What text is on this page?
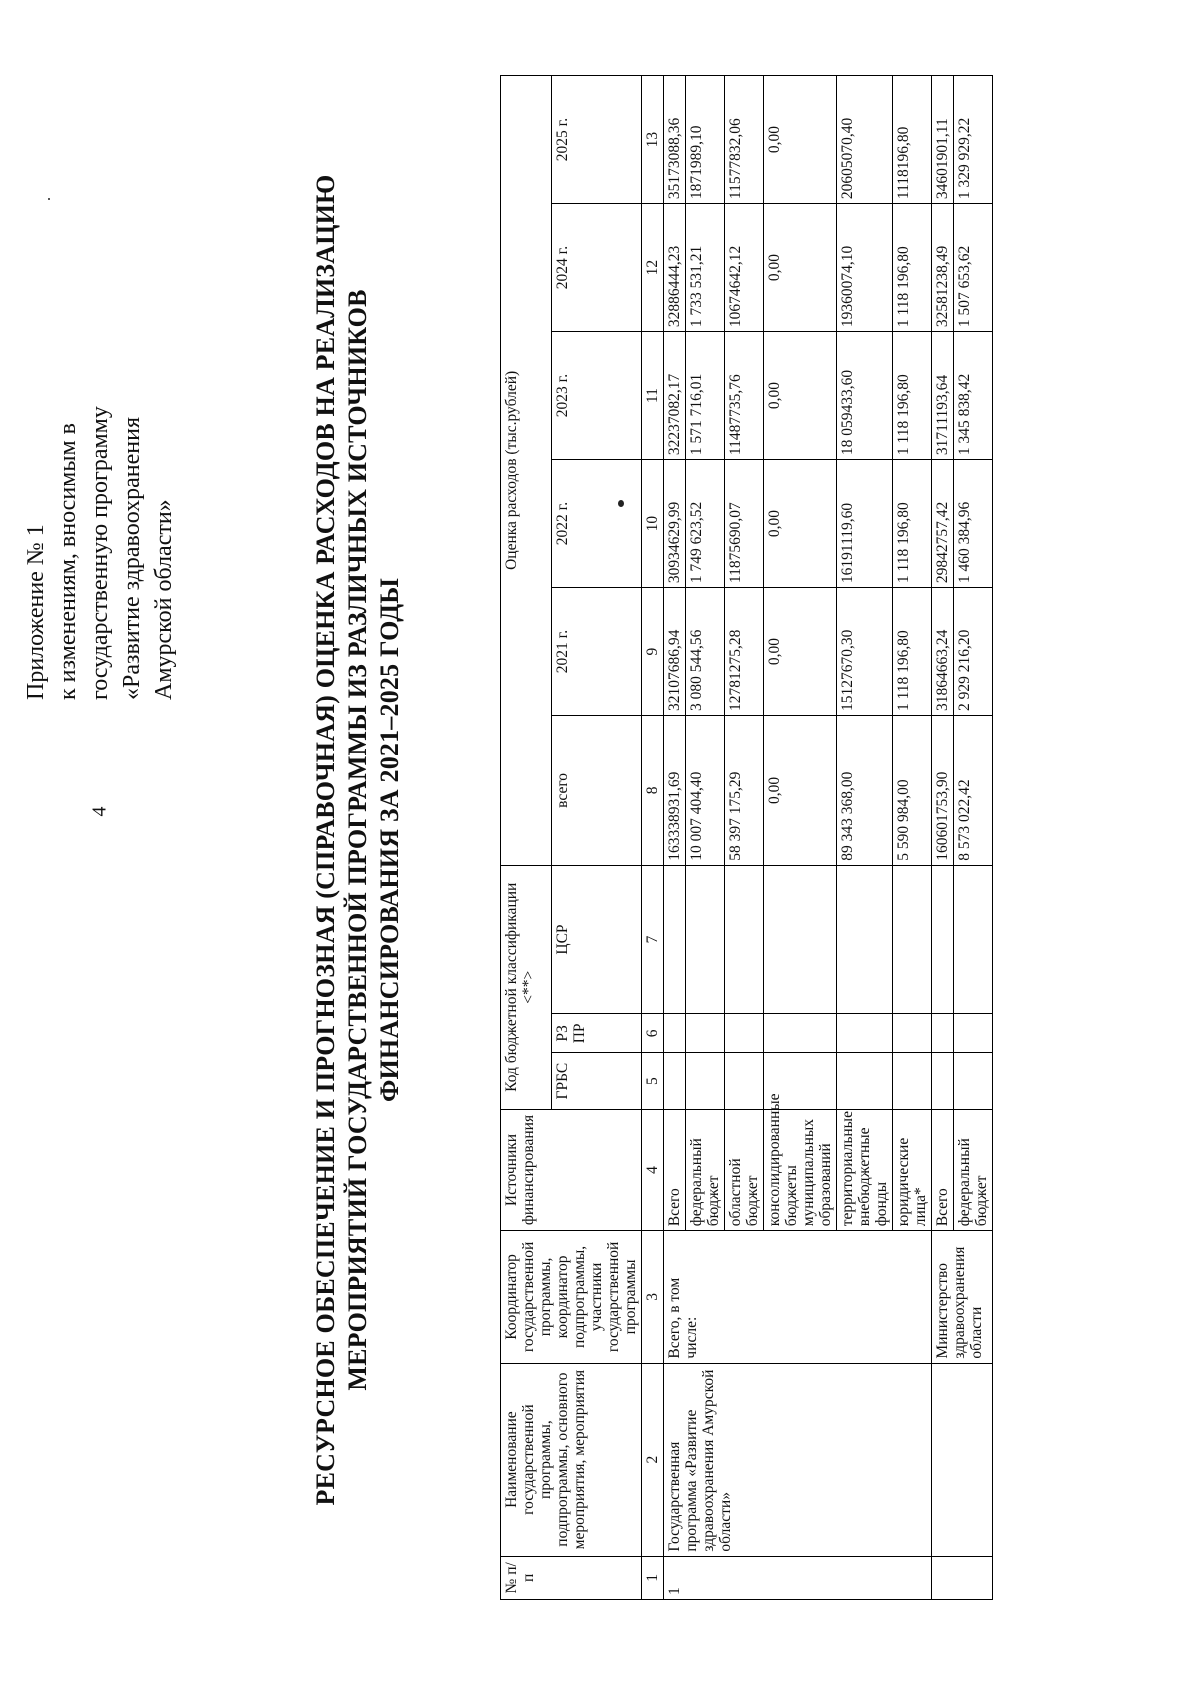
4
Приложение № 1 к изменениям, вносимым в государственную программу «Развитие здравоохранения Амурской области»	РЕСУРСНОЕ ОБЕСПЕЧЕНИЕ И ПРОГНОЗНАЯ (СПРАВОЧНАЯ) ОЦЕНКА РАСХОДОВ НА РЕАЛИЗАЦИЮ МЕРОПРИЯТИЙ ГОСУДАРСТВЕННОЙ ПРОГРАММЫ ИЗ РАЗЛИЧНЫХ ИСТОЧНИКОВ ФИНАНСИРОВАНИЯ ЗА 2021–2025 ГОДЫ
№ п/п	Наименование государственной программы, подпрограммы, основного мероприятия, мероприятия	Координатор государственной программы, координатор подпрограммы, участники государственной программы	Источники финансирования	Код бюджетной классификации <**>			Оценка расходов (тыс.рублей)					
				ГРБС	РЗ ПР	ЦСР	всего	2021 г.	2022 г.	2023 г.	2024 г.	2025 г.
1	2	3	4	5	6	7	8	9	10	11	12	13
1	Государственная программа «Развитие здравоохранения Амурской области»	Всего, в том числе:	Всего				163338931,69	32107686,94	30934629,99	32237082,17	32886444,23	35173088,36
			федеральный бюджет				10 007 404,40	3 080 544,56	1 749 623,52	1 571 716,01	1 733 531,21	1871989,10
			областной бюджет				58 397 175,29	12781275,28	11875690,07	11487735,76	10674642,12	11577832,06
			консолидированные бюджеты муниципальных образований				0,00	0,00	0,00	0,00	0,00	0,00
			территориальные внебюджетные фонды				89 343 368,00	15127670,30	16191119,60	18 059433,60	19360074,10	20605070,40
			юридические лица*				5 590 984,00	1 118 196,80	1 118 196,80	1 118 196,80	1 118 196,80	1118196,80
		Министерство здравоохранения области	Всего				160601753,90	31864663,24	29842757,42	31711193,64	32581238,49	34601901,11
			федеральный бюджет				8 573 022,42	2 929 216,20	1 460 384,96	1 345 838,42	1 507 653,62	1 329 929,22
